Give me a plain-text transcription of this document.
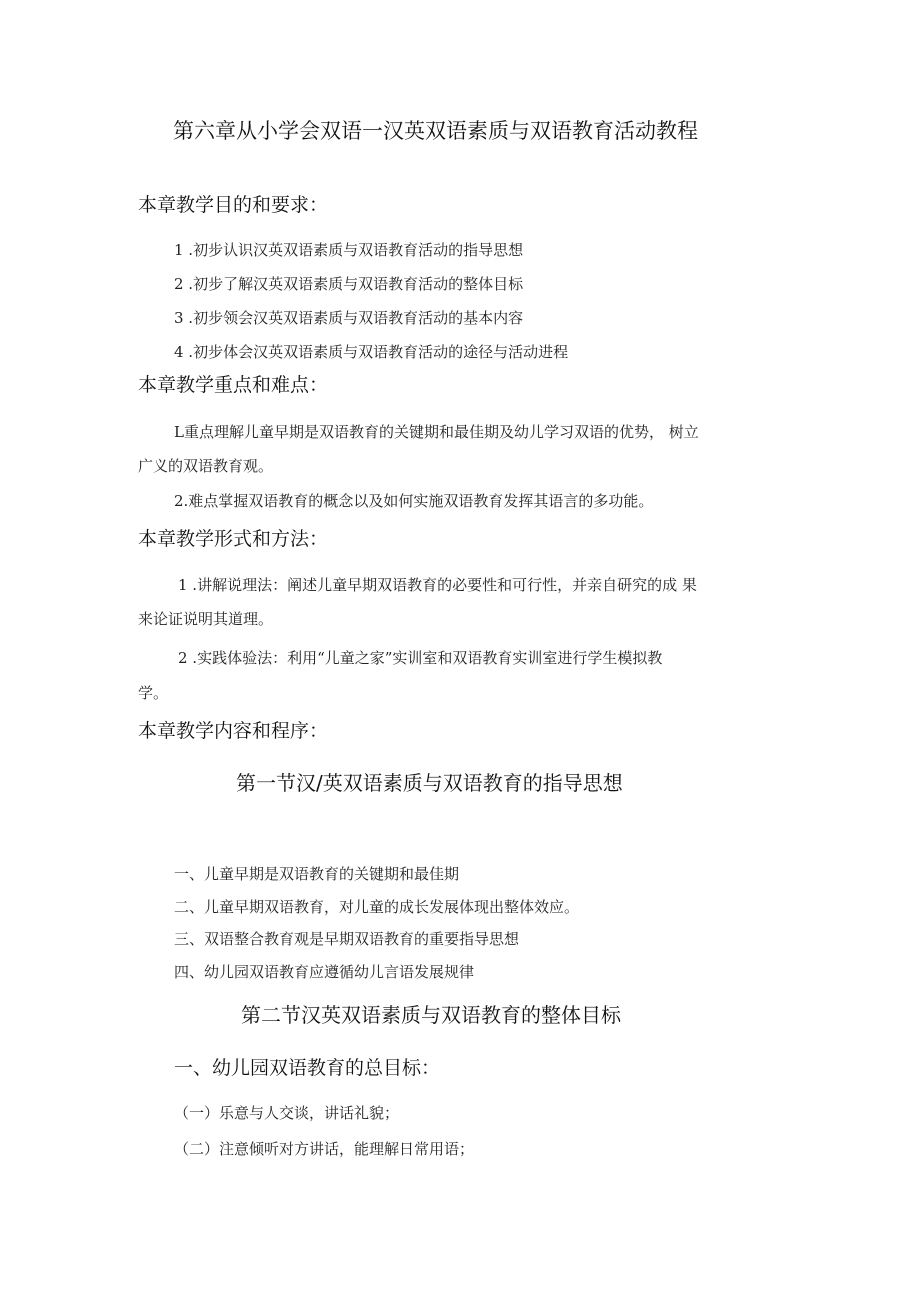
第六章从小学会双语一汉英双语素质与双语教育活动教程
本章教学目的和要求：
1 .初步认识汉英双语素质与双语教育活动的指导思想
2 .初步了解汉英双语素质与双语教育活动的整体目标
3 .初步领会汉英双语素质与双语教育活动的基本内容
4 .初步体会汉英双语素质与双语教育活动的途径与活动进程
本章教学重点和难点：
L重点理解儿童早期是双语教育的关键期和最佳期及幼儿学习双语的优势， 树立
广义的双语教育观。
2.难点掌握双语教育的概念以及如何实施双语教育发挥其语言的多功能。
本章教学形式和方法：
1 .讲解说理法：阐述儿童早期双语教育的必要性和可行性，并亲自研究的成 果
来论证说明其道理。
2 .实践体验法：利用“儿童之家”实训室和双语教育实训室进行学生模拟教
学。
本章教学内容和程序：
第一节汉/英双语素质与双语教育的指导思想
一、儿童早期是双语教育的关键期和最佳期
二、儿童早期双语教育，对儿童的成长发展体现出整体效应。
三、双语整合教育观是早期双语教育的重要指导思想
四、幼儿园双语教育应遵循幼儿言语发展规律
第二节汉英双语素质与双语教育的整体目标
一、幼儿园双语教育的总目标：
（一）乐意与人交谈，讲话礼貌；
（二）注意倾听对方讲话，能理解日常用语；
